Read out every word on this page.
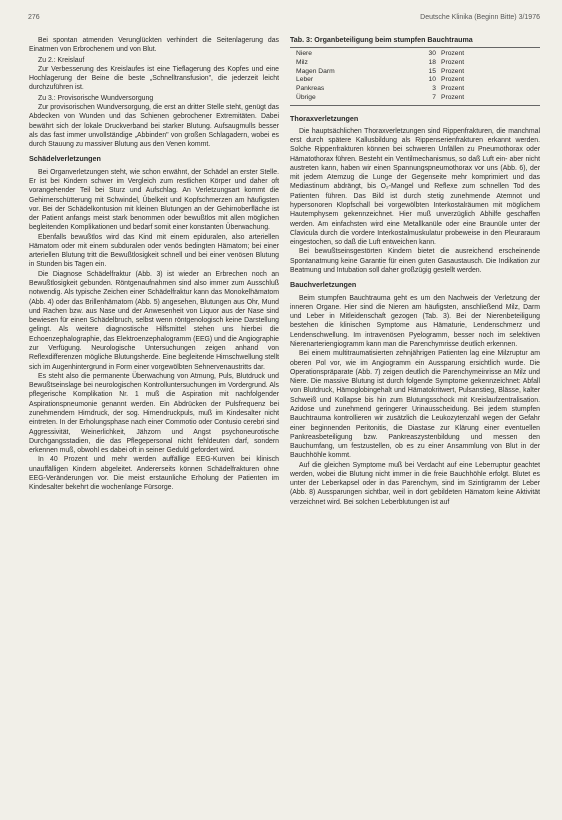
276	Deutsche Klinika (Beginn Bitte) 3/1976

Bei spontan atmenden Verunglückten verhindert die Seitenlagerung das Einatmen von Erbrochenem und von Blut.

Zu 2.: Kreislauf

Zur Verbesserung des Kreislaufes ist eine Tieflagerung des Kopfes und eine Hochlagerung der Beine die beste „Schnelltransfusion", die jederzeit leicht durchzuführen ist.

Zu 3.: Provisorische Wundversorgung

Zur provisorischen Wundversorgung, die erst an dritter Stelle steht, genügt das Abdecken von Wunden und das Schienen gebrochener Extremitäten. Dabei bewährt sich der lokale Druckverband bei starker Blutung. Aufsaugmulls besser als das fast immer unvollständige „Abbinden" von großen Schlagadern, wobei es durch Stauung zu massiver Blutung aus den Venen kommt.

Schädelverletzungen

Bei Organverletzungen steht, wie schon erwähnt, der Schädel an erster Stelle. Er ist bei Kindern schwer im Vergleich zum restlichen Körper und daher oft vorangehender Teil bei Sturz und Aufschlag. An Verletzungsart kommt die Gehirnerschütterung mit Schwindel, Übelkeit und Kopfschmerzen am häufigsten vor. Bei der Schädelkontusion mit kleinen Blutungen an der Gehirnoberfläche ist der Patient anfangs meist stark benommen oder bewußtlos mit allen möglichen begleitenden Komplikationen und bedarf somit einer konstanten Überwachung.

Ebenfalls bewußtlos wird das Kind mit einem epiduralen, also arteriellen Hämatom oder mit einem subduralen oder venös bedingten Hämatom; bei einer arteriellen Blutung tritt die Bewußtlosigkeit schnell und bei einer venösen Blutung in Stunden bis Tagen ein.

Die Diagnose Schädelfraktur (Abb. 3) ist wieder an Erbrechen noch an Bewußtlosigkeit gebunden. Röntgenaufnahmen sind also immer zum Ausschluß notwendig. Als typische Zeichen einer Schädelfraktur kann das Monokelhämatom (Abb. 4) oder das Brillenhämatom (Abb. 5) angesehen, Blutungen aus Ohr, Mund und Rachen bzw. aus Nase und der Anwesenheit von Liquor aus der Nase sind bewiesen für einen Schädelbruch, selbst wenn röntgenologisch keine Darstellung gelingt. Als weitere diagnostische Hilfsmittel stehen uns hierbei die Echoenzephalographie, das Elektroenzephalogramm (EEG) und die Angiographie zur Verfügung. Neurologische Untersuchungen zeigen anhand von Reflexdifferenzen mögliche Blutungsherde. Eine begleitende Hirnschwellung stellt sich im Augenhintergrund in Form einer vorgewölbten Sehnervenaustritts dar.

Es steht also die permanente Überwachung von Atmung, Puls, Blutdruck und Bewußtseinslage bei neurologischen Kontrolluntersuchungen im Vordergrund. Als pflegerische Komplikation Nr. 1 muß die Aspiration mit nachfolgender Aspirationspneumonie genannt werden. Ein Abdrücken der Pulsfrequenz bei zunehmendem Hirndruck, der sog. Hirnendruckpuls, muß im Kindesalter nicht eintreten. In der Erholungsphase nach einer Commotio oder Contusio cerebri sind Aggressivität, Weinerlichkeit, Jähzorn und Angst psychoneurotische Durchgangsstadien, die das Pflegepersonal nicht fehldeuten darf, sondern erkennen muß, obwohl es dabei oft in seiner Geduld gefordert wird.

In 40 Prozent und mehr werden auffällige EEG-Kurven bei klinisch unauffälligen Kindern abgeleitet. Andererseits können Schädelfrakturen ohne EEG-Veränderungen vor. Die meist erstaunliche Erholung der Patienten im Kindesalter bekehrt die wochenlange Fürsorge.

Tab. 3: Organbeteiligung beim stumpfen Bauchtrauma
Niere	30	Prozent
Milz	18	Prozent
Magen Darm	15	Prozent
Leber	10	Prozent
Pankreas	3	Prozent
Übrige	7	Prozent
Thoraxverletzungen

Die hauptsächlichen Thoraxverletzungen sind Rippenfrakturen, die manchmal erst durch spätere Kallusbildung als Rippenserienfrakturen erkannt werden. Solche Rippenfrakturen können bei schweren Unfällen zu Pneumothorax oder Hämatothorax führen. Besteht ein Ventilmechanismus, so daß Luft ein- aber nicht austreten kann, haben wir einen Spannungspneumothorax vor uns (Abb. 6), der mit jedem Atemzug die Lunge der Gegenseite mehr komprimiert und das Mediastinum abdrängt, bis O₂-Mangel und Reflexe zum schnellen Tod des Patienten führen. Das Bild ist durch stetig zunehmende Atemnot und hypersonoren Klopfschall bei vorgewölbten Interkostalräumen mit möglichem Hautemphysem gekennzeichnet. Hier muß unverzüglich Abhilfe geschaffen werden. Am einfachsten wird eine Metallkanüle oder eine Braunüle unter der Clavicula durch die vordere Interkostalmuskulatur probeweise in den Pleuraraum eingestochen, so daß die Luft entweichen kann.

Bei bewußtseinsgestörten Kindern bietet die ausreichend erscheinende Spontanatmung keine Garantie für einen guten Gasaustausch. Die Indikation zur Beatmung und Intubation soll daher großzügig gestellt werden.

Bauchverletzungen

Beim stumpfen Bauchtrauma geht es um den Nachweis der Verletzung der inneren Organe. Hier sind die Nieren am häufigsten, anschließend Milz, Darm und Leber in Mitleidenschaft gezogen (Tab. 3). Bei der Nierenbeteiligung bestehen die klinischen Symptome aus Hämaturie, Lendenschmerz und Lendenschwellung. Im intravenösen Pyelogramm, besser noch im selektiven Nierenarteriengiogramm kann man die Parenchymrisse deutlich erkennen.

Bei einem multitraumatisierten zehnjährigen Patienten lag eine Milzruptur am oberen Pol vor, wie im Angiogramm ein Aussparung ersichtlich wurde. Die Operationspräparate (Abb. 7) zeigen deutlich die Parenchymeinrisse an Milz und Niere. Die massive Blutung ist durch folgende Symptome gekennzeichnet: Abfall von Blutdruck, Hämoglobingehalt und Hämatokritwert, Pulsanstieg, Blässe, kalter Schweiß und Kollapse bis hin zum Blutungsschock mit Kreislaufzentralisation. Azidose und zunehmend geringerer Urinausscheidung. Bei jedem stumpfen Bauchtrauma kontrollieren wir zusätzlich die Leukozytenzahl wegen der Gefahr einer beginnenden Peritonitis, die Diastase zur Klärung einer eventuellen Pankreasbeteiligung bzw. Pankreaszystenbildung und messen den Bauchumfang, um festzustellen, ob es zu einer Ansammlung von Blut in der Bauchhöhle kommt.

Auf die gleichen Symptome muß bei Verdacht auf eine Leberruptur geachtet werden, wobei die Blutung nicht immer in die freie Bauchhöhle erfolgt. Blutet es unter der Leberkapsel oder in das Parenchym, sind im Szintigramm der Leber (Abb. 8) Aussparungen sichtbar, weil in dort gebildeten Hämatom keine Aktivität verzeichnet wird. Bei solchen Leberblutungen ist auf
